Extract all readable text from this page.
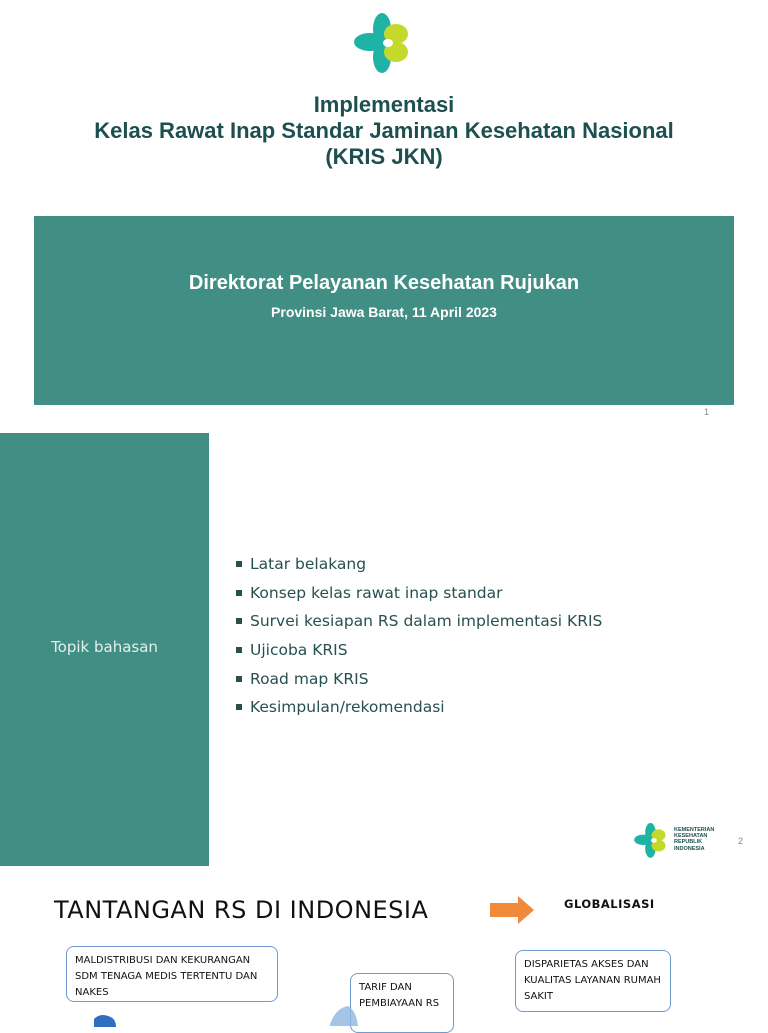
Implementasi
Kelas Rawat Inap Standar Jaminan Kesehatan Nasional
(KRIS JKN)
Direktorat Pelayanan Kesehatan Rujukan
Provinsi Jawa Barat, 11 April 2023
1
Topik bahasan
Latar belakang
Konsep kelas rawat inap standar
Survei kesiapan RS dalam implementasi KRIS
Ujicoba KRIS
Road map KRIS
Kesimpulan/rekomendasi
KEMENTERIAN
KESEHATAN
REPUBLIK
INDONESIA
2
TANTANGAN RS DI INDONESIA	GLOBALISASI
MALDISTRIBUSI DAN KEKURANGAN SDM TENAGA MEDIS TERTENTU DAN NAKES	TARIF DAN PEMBIAYAAN RS
DISPARIETAS AKSES DAN KUALITAS LAYANAN RUMAH SAKIT
